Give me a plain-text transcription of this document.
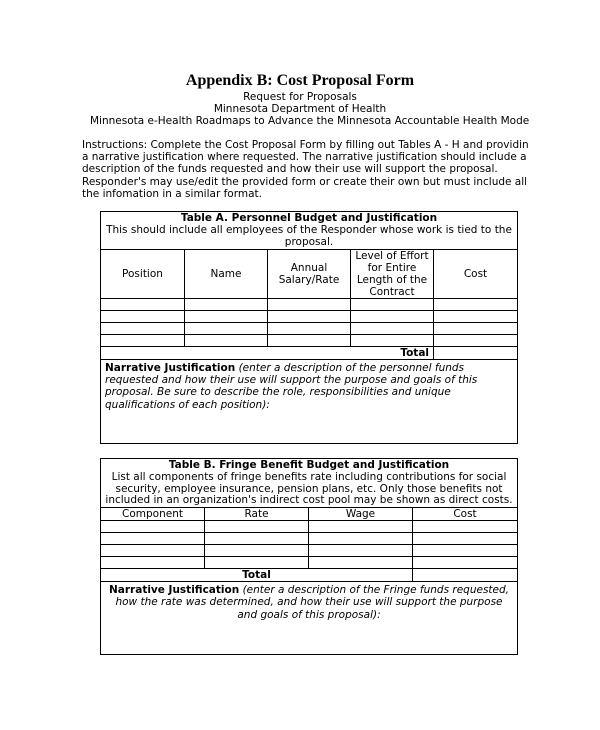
Appendix B: Cost Proposal Form
Request for Proposals
Minnesota Department of Health
Minnesota e-Health Roadmaps to Advance the Minnesota Accountable Health Mode
Instructions: Complete the Cost Proposal Form by filling out Tables A - H and providin
a narrative justification where requested. The narrative justification should include a
description of the funds requested and how their use will support the proposal.
Responder's may use/edit the provided form or create their own but must include all
the infomation in a similar format.
Table A. Personnel Budget and Justification
This should include all employees of the Responder whose work is tied to the
proposal.				
Position	Name	Annual
Salary/Rate	Level of Effort
for Entire
Length of the
Contract	Cost

Total				
Narrative Justification (enter a description of the personnel funds
requested and how their use will support the purpose and goals of this
proposal. Be sure to describe the role, responsibilities and unique
qualifications of each position):				
Table B. Fringe Benefit Budget and Justification
List all components of fringe benefits rate including contributions for social
security, employee insurance, pension plans, etc. Only those benefits not
included in an organization's indirect cost pool may be shown as direct costs.			
Component	Rate	Wage	Cost

Total			
Narrative Justification (enter a description of the Fringe funds requested,
how the rate was determined, and how their use will support the purpose
and goals of this proposal):			
